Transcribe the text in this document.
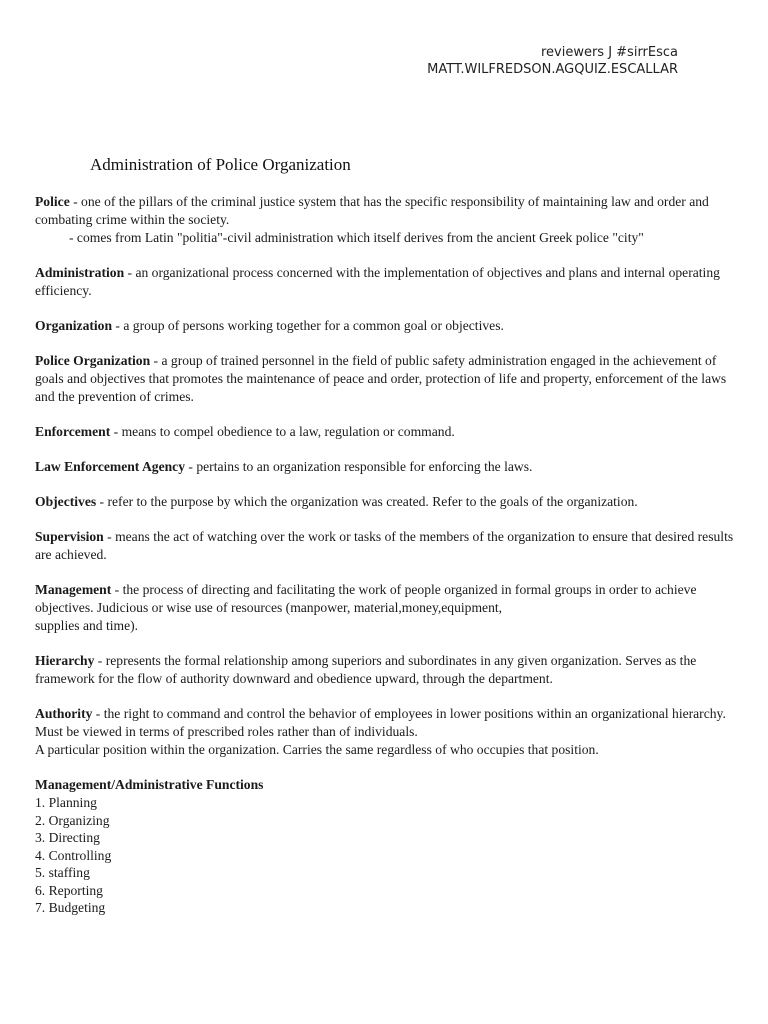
reviewers J #sirrEsca
MATT.WILFREDSON.AGQUIZ.ESCALLAR
Administration of Police Organization

Police - one of the pillars of the criminal justice system that has the specific responsibility of maintaining law and order and combating crime within the society.

- comes from Latin "politia"-civil administration which itself derives from the ancient Greek police "city"

Administration - an organizational process concerned with the implementation of objectives and plans and internal operating efficiency.

Organization - a group of persons working together for a common goal or objectives.

Police Organization - a group of trained personnel in the field of public safety administration engaged in the achievement of goals and objectives that promotes the maintenance of peace and order, protection of life and property, enforcement of the laws and the prevention of crimes.

Enforcement - means to compel obedience to a law, regulation or command.

Law Enforcement Agency - pertains to an organization responsible for enforcing the laws.

Objectives - refer to the purpose by which the organization was created. Refer to the goals of the organization.

Supervision - means the act of watching over the work or tasks of the members of the organization to ensure that desired results are achieved.

Management - the process of directing and facilitating the work of people organized in formal groups in order to achieve objectives. Judicious or wise use of resources (manpower, material,money,equipment,

supplies and time).

Hierarchy - represents the formal relationship among superiors and subordinates in any given organization. Serves as the framework for the flow of authority downward and obedience upward, through the department.

Authority - the right to command and control the behavior of employees in lower positions within an organizational hierarchy. Must be viewed in terms of prescribed roles rather than of individuals.

A particular position within the organization. Carries the same regardless of who occupies that position.

Management/Administrative Functions

1. Planning
2. Organizing
3. Directing
4. Controlling
5. staffing
6. Reporting
7. Budgeting
